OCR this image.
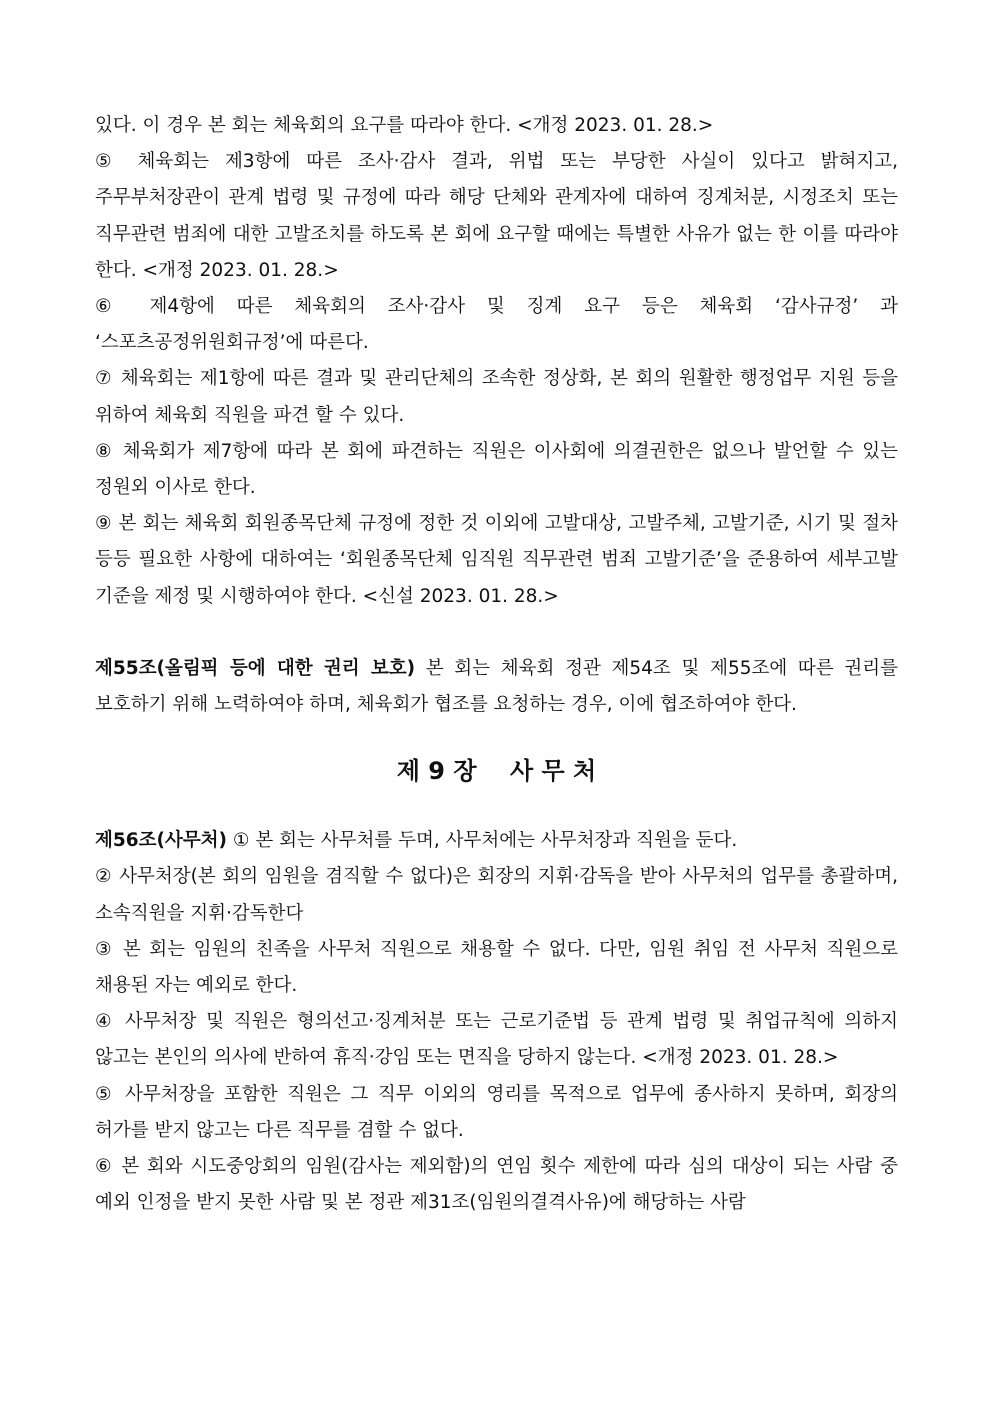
있다. 이 경우 본 회는 체육회의 요구를 따라야 한다. <개정 2023. 01. 28.>

⑤ 체육회는 제3항에 따른 조사·감사 결과, 위법 또는 부당한 사실이 있다고 밝혀지고, 주무부처장관이 관계 법령 및 규정에 따라 해당 단체와 관계자에 대하여 징계처분, 시정조치 또는 직무관련 범죄에 대한 고발조치를 하도록 본 회에 요구할 때에는 특별한 사유가 없는 한 이를 따라야 한다. <개정 2023. 01. 28.>

⑥ 제4항에 따른 체육회의 조사·감사 및 징계 요구 등은 체육회 ‘감사규정’ 과 ‘스포츠공정위원회규정’에 따른다.

⑦ 체육회는 제1항에 따른 결과 및 관리단체의 조속한 정상화, 본 회의 원활한 행정업무 지원 등을 위하여 체육회 직원을 파견 할 수 있다.

⑧ 체육회가 제7항에 따라 본 회에 파견하는 직원은 이사회에 의결권한은 없으나 발언할 수 있는 정원외 이사로 한다.

⑨ 본 회는 체육회 회원종목단체 규정에 정한 것 이외에 고발대상, 고발주체, 고발기준, 시기 및 절차 등등 필요한 사항에 대하여는 ‘회원종목단체 임직원 직무관련 범죄 고발기준’을 준용하여 세부고발 기준을 제정 및 시행하여야 한다. <신설 2023. 01. 28.>

제55조(올림픽 등에 대한 권리 보호) 본 회는 체육회 정관 제54조 및 제55조에 따른 권리를 보호하기 위해 노력하여야 하며, 체육회가 협조를 요청하는 경우, 이에 협조하여야 한다.

제 9 장    사 무 처

제56조(사무처) ① 본 회는 사무처를 두며, 사무처에는 사무처장과 직원을 둔다.

② 사무처장(본 회의 임원을 겸직할 수 없다)은 회장의 지휘·감독을 받아 사무처의 업무를 총괄하며, 소속직원을 지휘·감독한다

③ 본 회는 임원의 친족을 사무처 직원으로 채용할 수 없다. 다만, 임원 취임 전 사무처 직원으로 채용된 자는 예외로 한다.

④ 사무처장 및 직원은 형의선고·징계처분 또는 근로기준법 등 관계 법령 및 취업규칙에 의하지 않고는 본인의 의사에 반하여 휴직·강임 또는 면직을 당하지 않는다. <개정 2023. 01. 28.>

⑤ 사무처장을 포함한 직원은 그 직무 이외의 영리를 목적으로 업무에 종사하지 못하며, 회장의 허가를 받지 않고는 다른 직무를 겸할 수 없다.

⑥ 본 회와 시도중앙회의 임원(감사는 제외함)의 연임 횟수 제한에 따라 심의 대상이 되는 사람 중 예외 인정을 받지 못한 사람 및 본 정관 제31조(임원의결격사유)에 해당하는 사람
